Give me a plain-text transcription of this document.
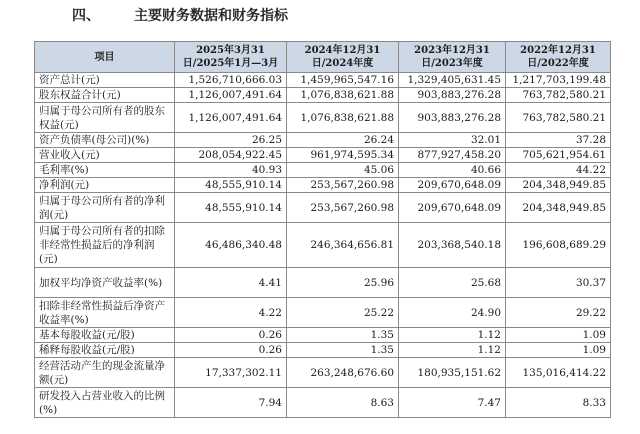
四、 主要财务数据和财务指标
项目	2025年3月31日/2025年1月—3月	2024年12月31日/2024年度	2023年12月31日/2023年度	2022年12月31日/2022年度
资产总计(元)	1,526,710,666.03	1,459,965,547.16	1,329,405,631.45	1,217,703,199.48
股东权益合计(元)	1,126,007,491.64	1,076,838,621.88	903,883,276.28	763,782,580.21
归属于母公司所有者的股东权益(元)	1,126,007,491.64	1,076,838,621.88	903,883,276.28	763,782,580.21
资产负债率(母公司)(%)	26.25	26.24	32.01	37.28
营业收入(元)	208,054,922.45	961,974,595.34	877,927,458.20	705,621,954.61
毛利率(%)	40.93	45.06	40.66	44.22
净利润(元)	48,555,910.14	253,567,260.98	209,670,648.09	204,348,949.85
归属于母公司所有者的净利润(元)	48,555,910.14	253,567,260.98	209,670,648.09	204,348,949.85
归属于母公司所有者的扣除非经常性损益后的净利润(元)	46,486,340.48	246,364,656.81	203,368,540.18	196,608,689.29
加权平均净资产收益率(%)	4.41	25.96	25.68	30.37
扣除非经常性损益后净资产收益率(%)	4.22	25.22	24.90	29.22
基本每股收益(元/股)	0.26	1.35	1.12	1.09
稀释每股收益(元/股)	0.26	1.35	1.12	1.09
经营活动产生的现金流量净额(元)	17,337,302.11	263,248,676.60	180,935,151.62	135,016,414.22
研发投入占营业收入的比例(%)	7.94	8.63	7.47	8.33
